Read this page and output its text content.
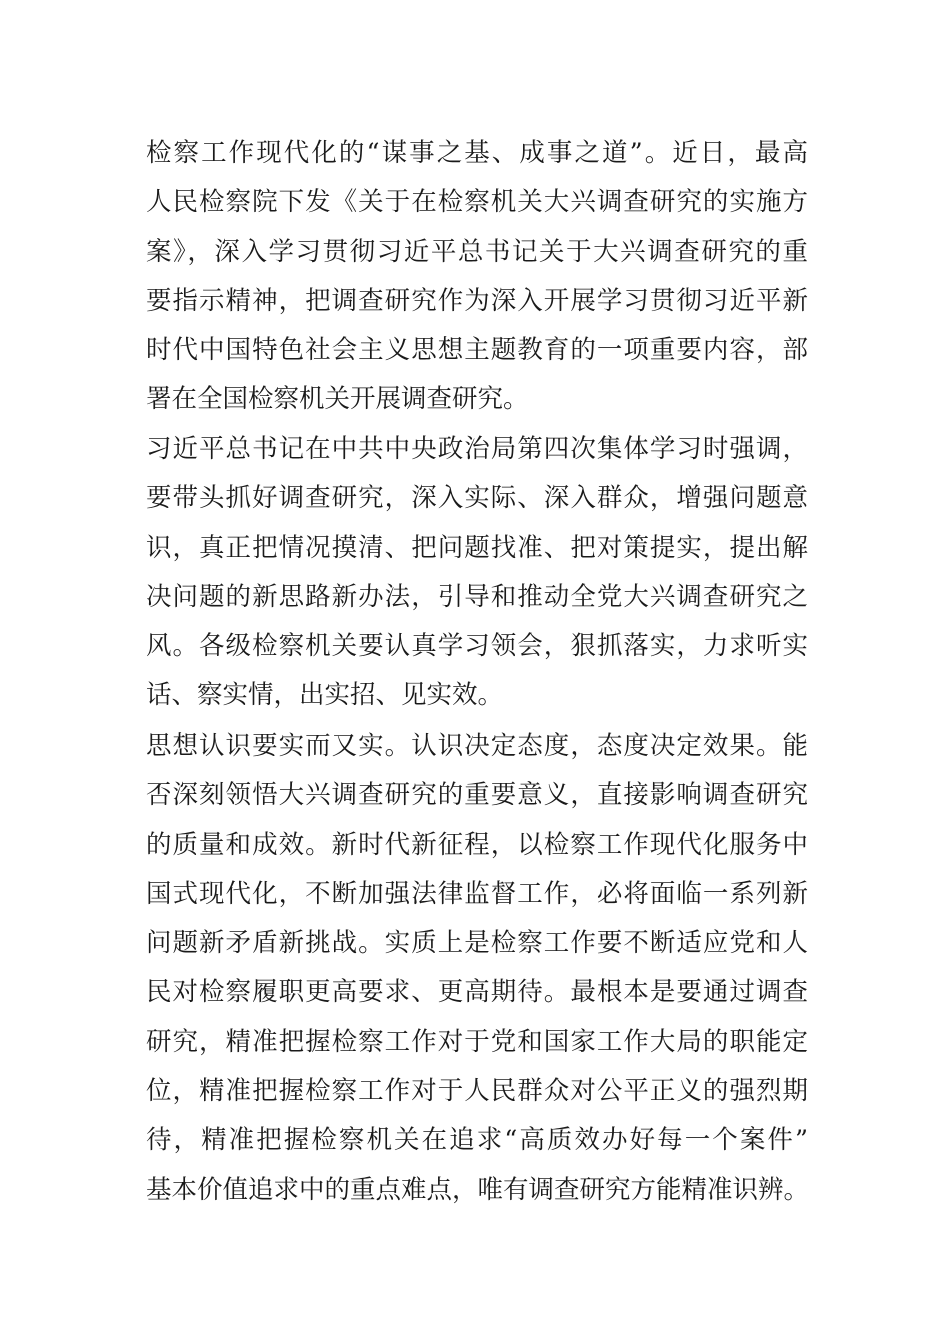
检察工作现代化的“谋事之基、成事之道”。近日，最高
人民检察院下发《关于在检察机关大兴调查研究的实施方
案》，深入学习贯彻习近平总书记关于大兴调查研究的重
要指示精神，把调查研究作为深入开展学习贯彻习近平新
时代中国特色社会主义思想主题教育的一项重要内容，部
署在全国检察机关开展调查研究。
习近平总书记在中共中央政治局第四次集体学习时强调，
要带头抓好调查研究，深入实际、深入群众，增强问题意
识，真正把情况摸清、把问题找准、把对策提实，提出解
决问题的新思路新办法，引导和推动全党大兴调查研究之
风。各级检察机关要认真学习领会，狠抓落实，力求听实
话、察实情，出实招、见实效。
思想认识要实而又实。认识决定态度，态度决定效果。能
否深刻领悟大兴调查研究的重要意义，直接影响调查研究
的质量和成效。新时代新征程，以检察工作现代化服务中
国式现代化，不断加强法律监督工作，必将面临一系列新
问题新矛盾新挑战。实质上是检察工作要不断适应党和人
民对检察履职更高要求、更高期待。最根本是要通过调查
研究，精准把握检察工作对于党和国家工作大局的职能定
位，精准把握检察工作对于人民群众对公平正义的强烈期
待，精准把握检察机关在追求“高质效办好每一个案件”
基本价值追求中的重点难点，唯有调查研究方能精准识辨。
